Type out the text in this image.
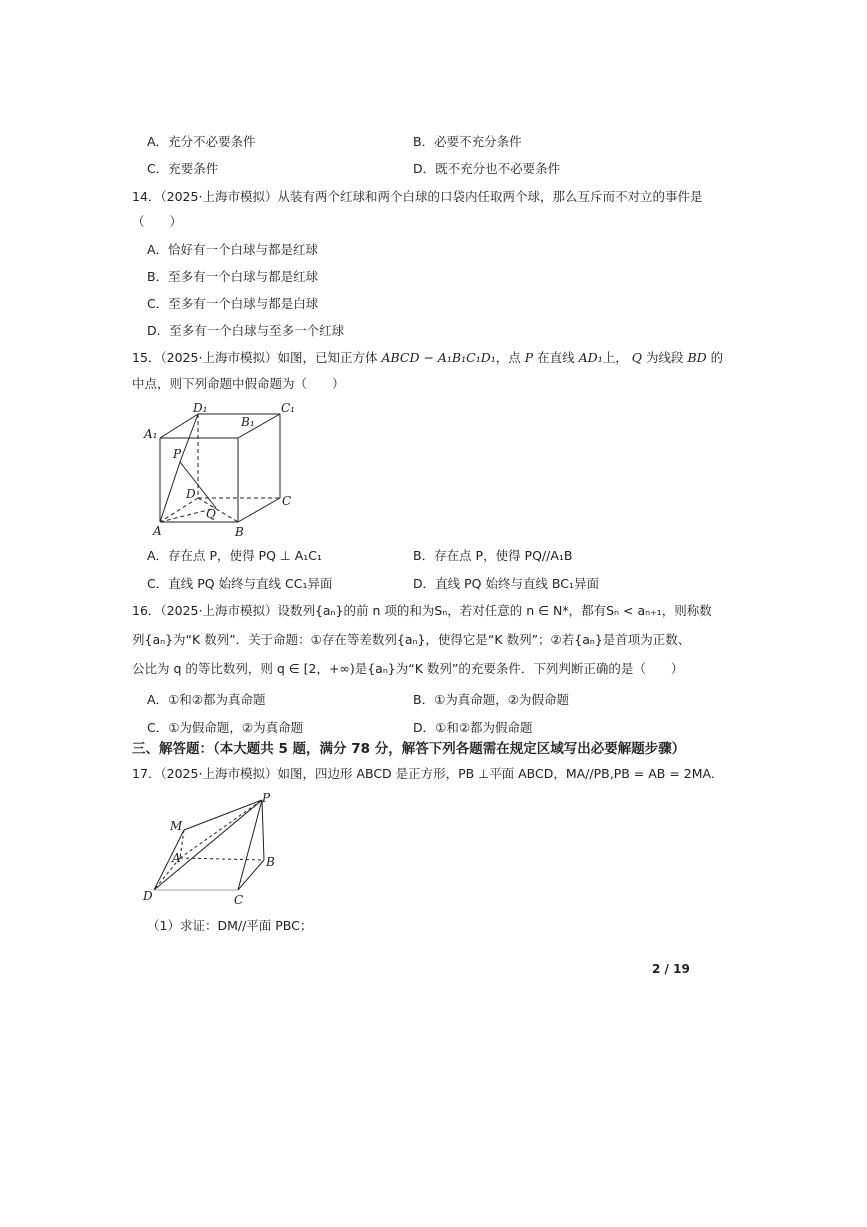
A．充分不必要条件	B．必要不充分条件
C．充要条件	D．既不充分也不必要条件
14．（2025·上海市模拟）从装有两个红球和两个白球的口袋内任取两个球，那么互斥而不对立的事件是
（　　）
A．恰好有一个白球与都是红球
B．至多有一个白球与都是红球
C．至多有一个白球与都是白球
D．至多有一个白球与至多一个红球
15．（2025·上海市模拟）如图，已知正方体 ABCD − A₁B₁C₁D₁，点 P 在直线 AD₁上， Q 为线段 BD 的
中点，则下列命题中假命题为（　　）
D₁	C₁
A₁
B₁
P
D	C
Q
A	B
A．存在点 P，使得 PQ ⊥ A₁C₁	B．存在点 P，使得 PQ//A₁B
C．直线 PQ 始终与直线 CC₁异面	D．直线 PQ 始终与直线 BC₁异面
16．（2025·上海市模拟）设数列{aₙ}的前 n 项的和为Sₙ，若对任意的 n ∈ N*，都有Sₙ < aₙ₊₁，则称数
列{aₙ}为“K 数列”．关于命题：①存在等差数列{aₙ}，使得它是“K 数列”；②若{aₙ}是首项为正数、
公比为 q 的等比数列，则 q ∈ [2，+∞)是{aₙ}为“K 数列”的充要条件．下列判断正确的是（　　）
A．①和②都为真命题	B．①为真命题，②为假命题
C．①为假命题，②为真命题	D．①和②都为假命题
三、解答题：（本大题共 5 题，满分 78 分，解答下列各题需在规定区域写出必要解题步骤）
17．（2025·上海市模拟）如图，四边形 ABCD 是正方形，PB ⊥平面 ABCD，MA//PB,PB = AB = 2MA.
P
M
A	B
D	C
（1）求证：DM//平面 PBC；
2 / 19
